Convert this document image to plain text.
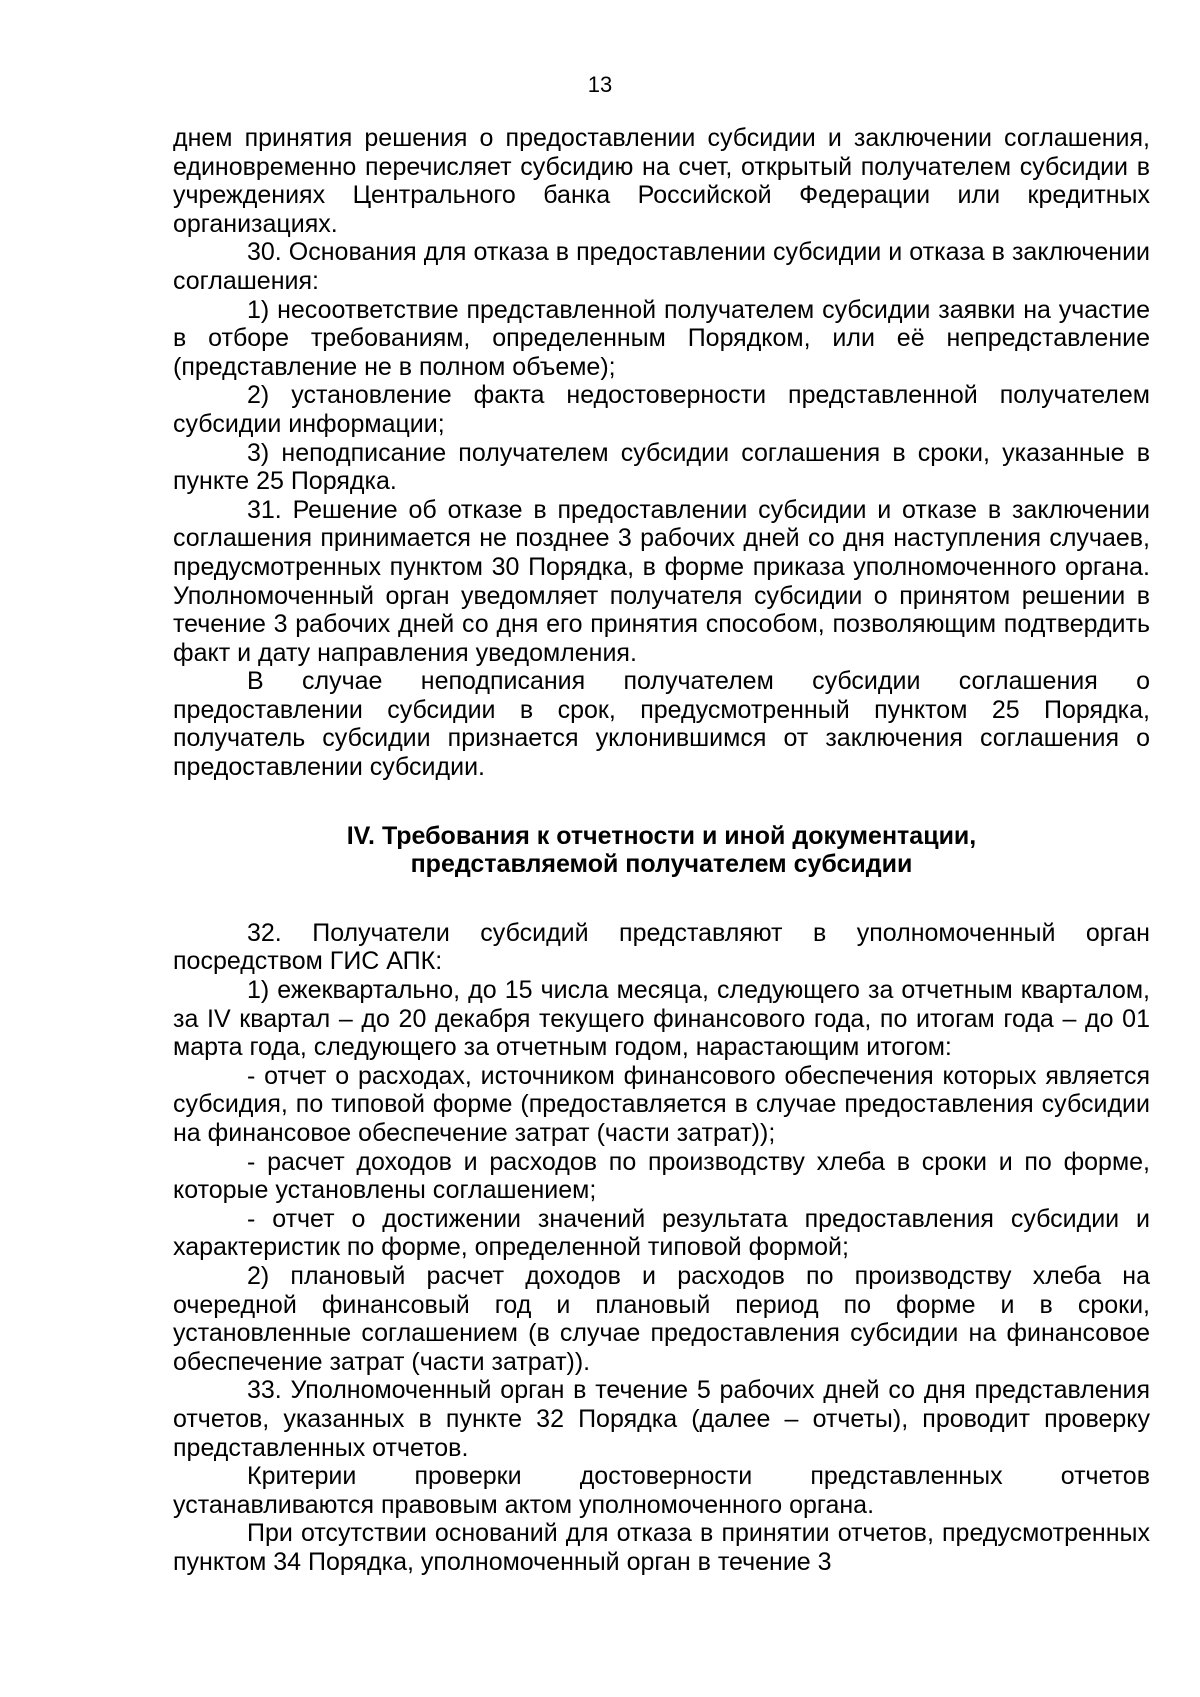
13

днем принятия решения о предоставлении субсидии и заключении соглашения, единовременно перечисляет субсидию на счет, открытый получателем субсидии в учреждениях Центрального банка Российской Федерации или кредитных организациях.

30. Основания для отказа в предоставлении субсидии и отказа в заключении соглашения:

1) несоответствие представленной получателем субсидии заявки на участие в отборе требованиям, определенным Порядком, или её непредставление (представление не в полном объеме);

2) установление факта недостоверности представленной получателем субсидии информации;

3) неподписание получателем субсидии соглашения в сроки, указанные в пункте 25 Порядка.

31. Решение об отказе в предоставлении субсидии и отказе в заключении соглашения принимается не позднее 3 рабочих дней со дня наступления случаев, предусмотренных пунктом 30 Порядка, в форме приказа уполномоченного органа. Уполномоченный орган уведомляет получателя субсидии о принятом решении в течение 3 рабочих дней со дня его принятия способом, позволяющим подтвердить факт и дату направления уведомления.

В случае неподписания получателем субсидии соглашения о предоставлении субсидии в срок, предусмотренный пунктом 25 Порядка, получатель субсидии признается уклонившимся от заключения соглашения о предоставлении субсидии.

IV. Требования к отчетности и иной документации,
представляемой получателем субсидии

32. Получатели субсидий представляют в уполномоченный орган посредством ГИС АПК:

1) ежеквартально, до 15 числа месяца, следующего за отчетным кварталом, за IV квартал – до 20 декабря текущего финансового года, по итогам года – до 01 марта года, следующего за отчетным годом, нарастающим итогом:

- отчет о расходах, источником финансового обеспечения которых является субсидия, по типовой форме (предоставляется в случае предоставления субсидии на финансовое обеспечение затрат (части затрат));

- расчет доходов и расходов по производству хлеба в сроки и по форме, которые установлены соглашением;

- отчет о достижении значений результата предоставления субсидии и характеристик по форме, определенной типовой формой;

2) плановый расчет доходов и расходов по производству хлеба на очередной финансовый год и плановый период по форме и в сроки, установленные соглашением (в случае предоставления субсидии на финансовое обеспечение затрат (части затрат)).

33. Уполномоченный орган в течение 5 рабочих дней со дня представления отчетов, указанных в пункте 32 Порядка (далее – отчеты), проводит проверку представленных отчетов.

Критерии проверки достоверности представленных отчетов устанавливаются правовым актом уполномоченного органа.

При отсутствии оснований для отказа в принятии отчетов, предусмотренных пунктом 34 Порядка, уполномоченный орган в течение 3
